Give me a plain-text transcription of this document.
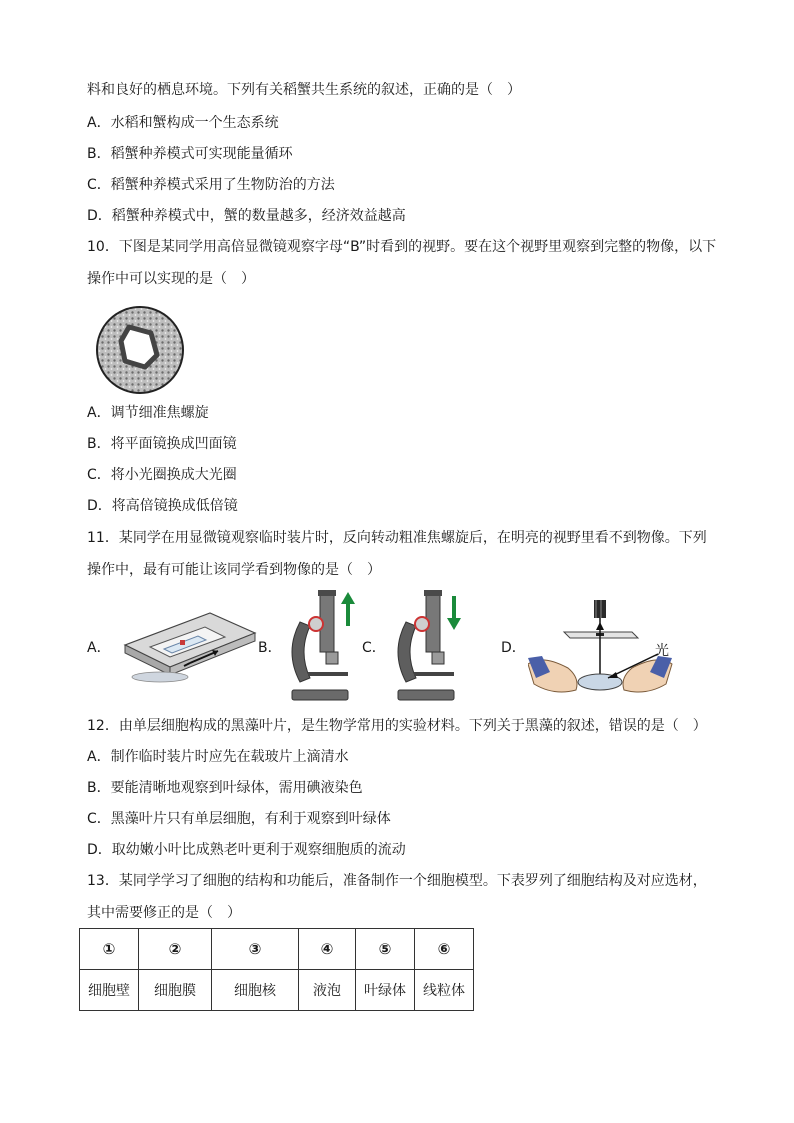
料和良好的栖息环境。下列有关稻蟹共生系统的叙述，正确的是（　）
A．水稻和蟹构成一个生态系统
B．稻蟹种养模式可实现能量循环
C．稻蟹种养模式采用了生物防治的方法
D．稻蟹种养模式中，蟹的数量越多，经济效益越高
10．下图是某同学用高倍显微镜观察字母“B”时看到的视野。要在这个视野里观察到完整的物像，以下
操作中可以实现的是（　）
A．调节细准焦螺旋
B．将平面镜换成凹面镜
C．将小光圈换成大光圈
D．将高倍镜换成低倍镜
11．某同学在用显微镜观察临时装片时，反向转动粗准焦螺旋后，在明亮的视野里看不到物像。下列
操作中，最有可能让该同学看到物像的是（　）
A．	B．	C．	D．	光
12．由单层细胞构成的黑藻叶片，是生物学常用的实验材料。下列关于黑藻的叙述，错误的是（　）
A．制作临时装片时应先在载玻片上滴清水
B．要能清晰地观察到叶绿体，需用碘液染色
C．黑藻叶片只有单层细胞，有利于观察到叶绿体
D．取幼嫩小叶比成熟老叶更利于观察细胞质的流动
13．某同学学习了细胞的结构和功能后，准备制作一个细胞模型。下表罗列了细胞结构及对应选材，
其中需要修正的是（　）
①	②	③	④	⑤	⑥
细胞壁	细胞膜	细胞核	液泡	叶绿体	线粒体
